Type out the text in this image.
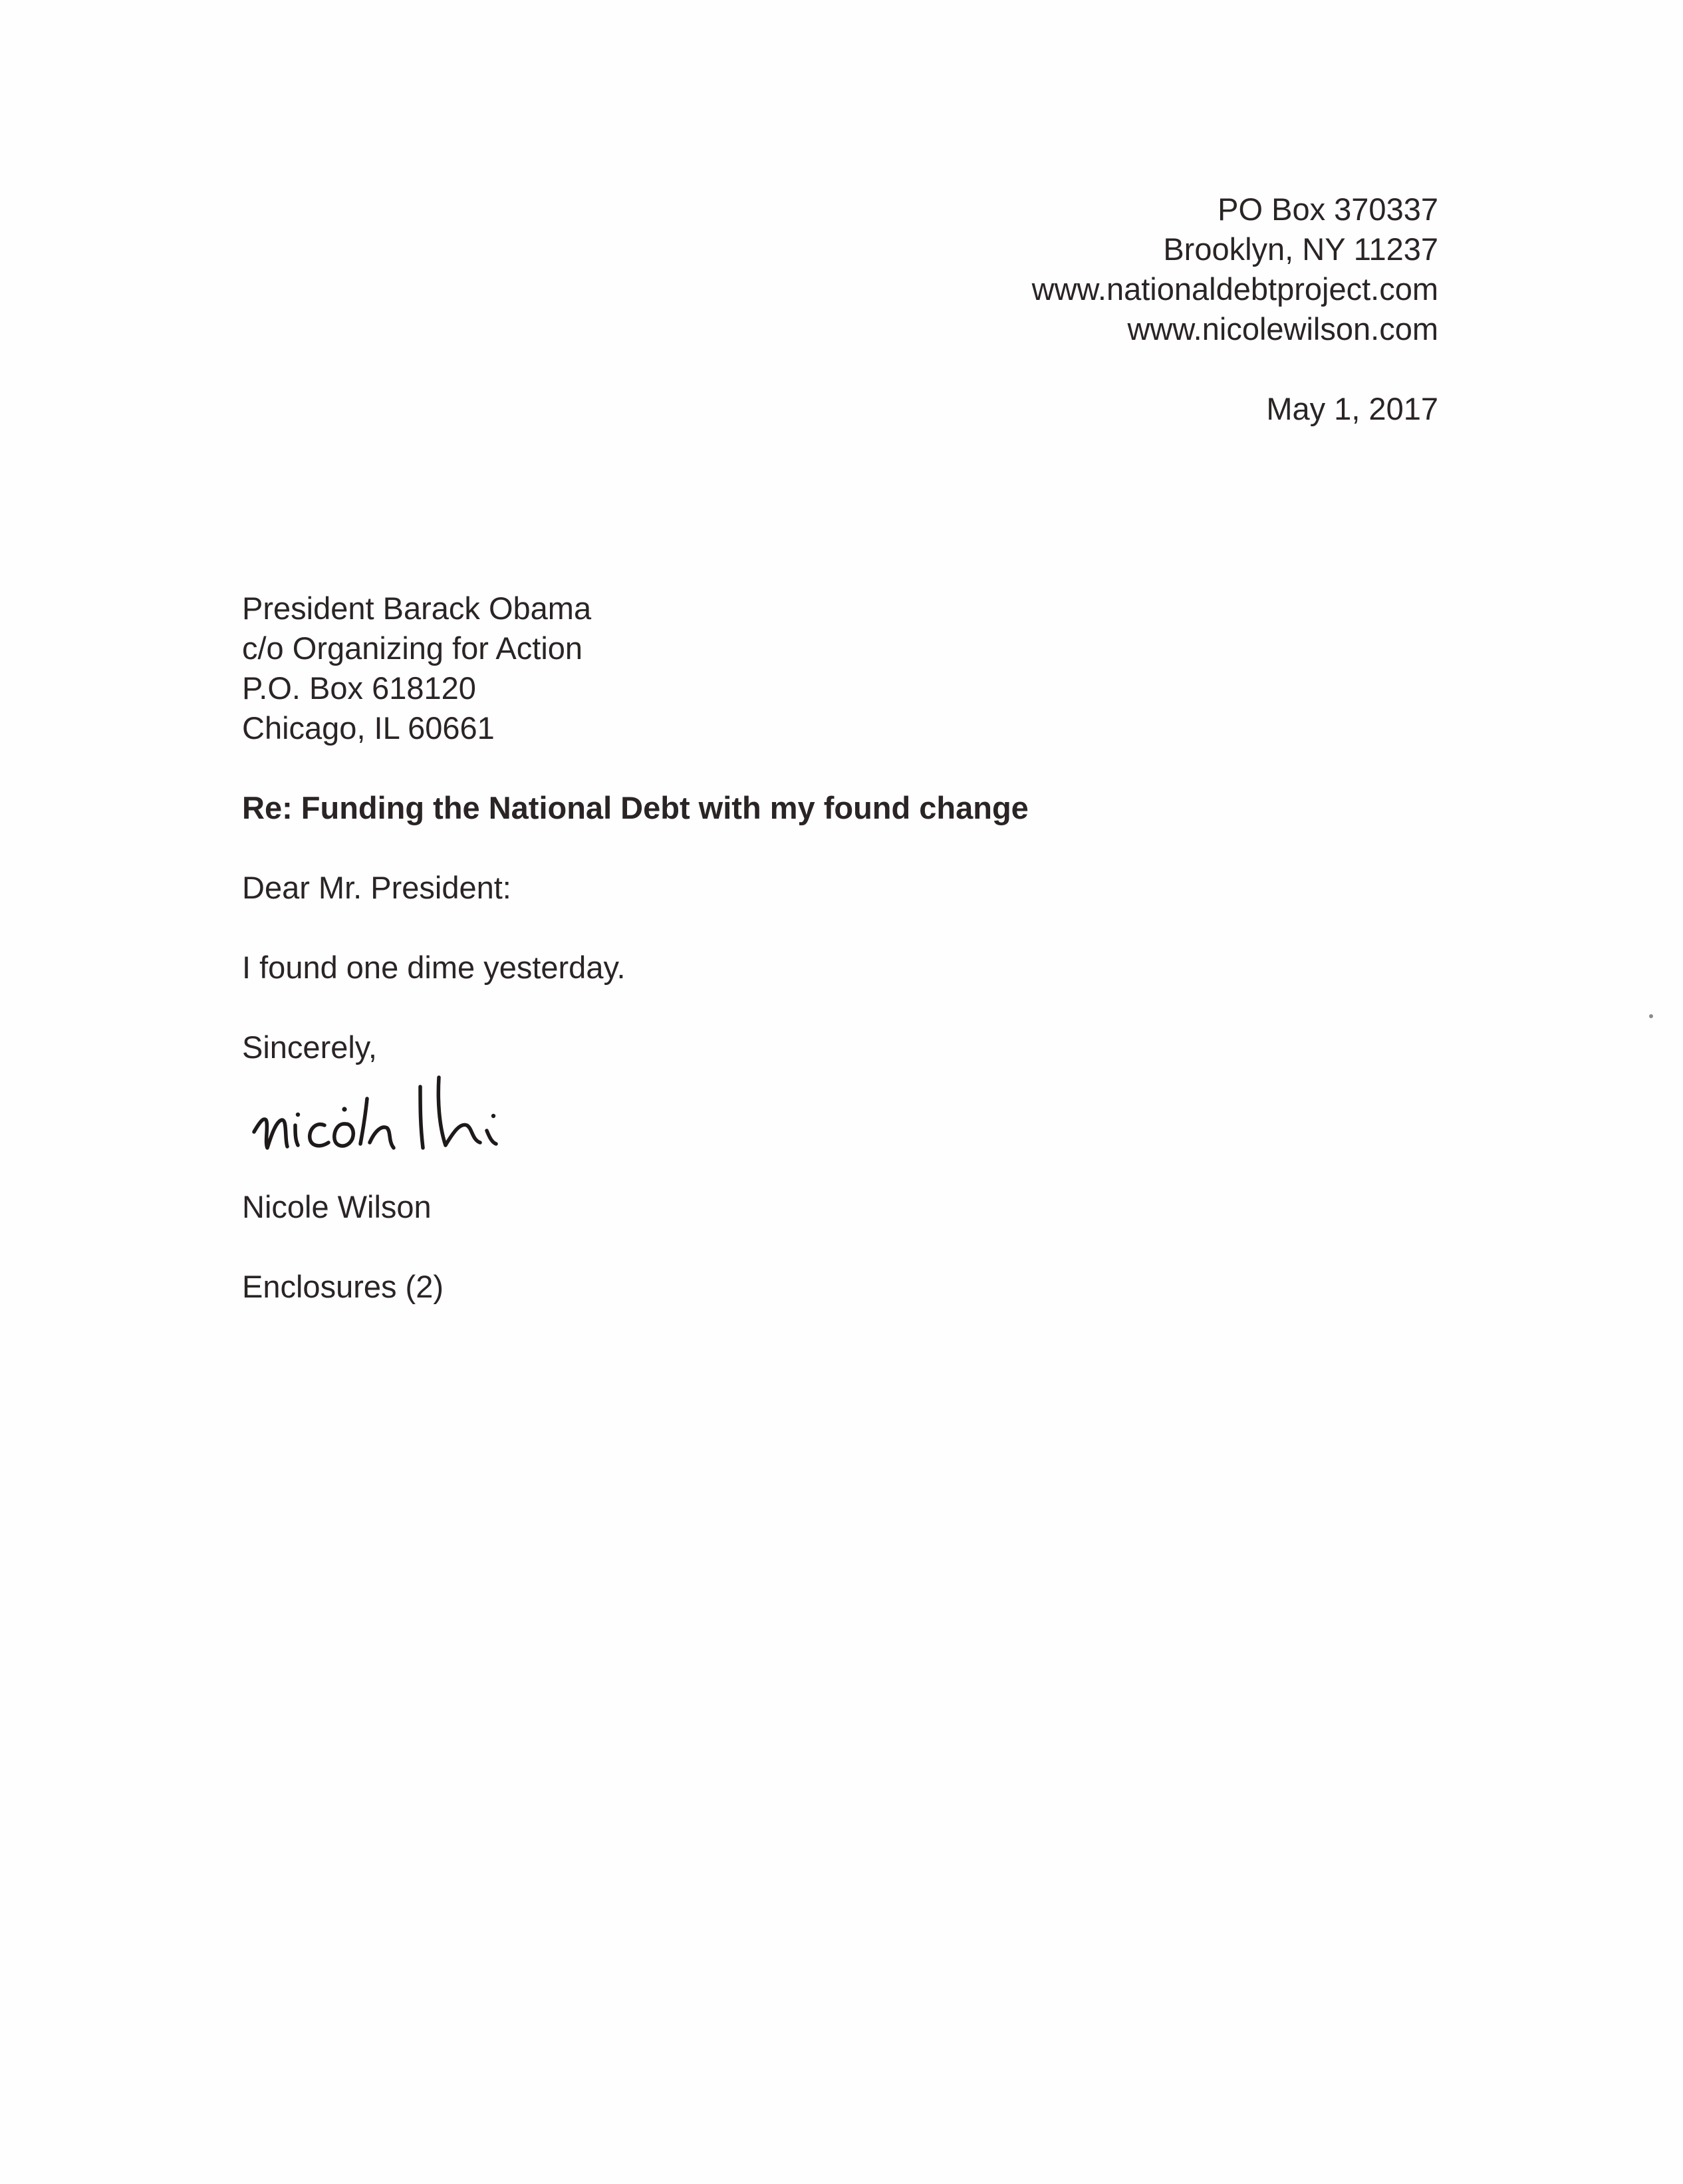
PO Box 370337
Brooklyn, NY 11237
www.nationaldebtproject.com
www.nicolewilson.com
May 1, 2017
President Barack Obama
c/o Organizing for Action
P.O. Box 618120
Chicago, IL 60661
Re: Funding the National Debt with my found change
Dear Mr. President:
I found one dime yesterday.
Sincerely,
Nicole Wilson
Enclosures (2)
